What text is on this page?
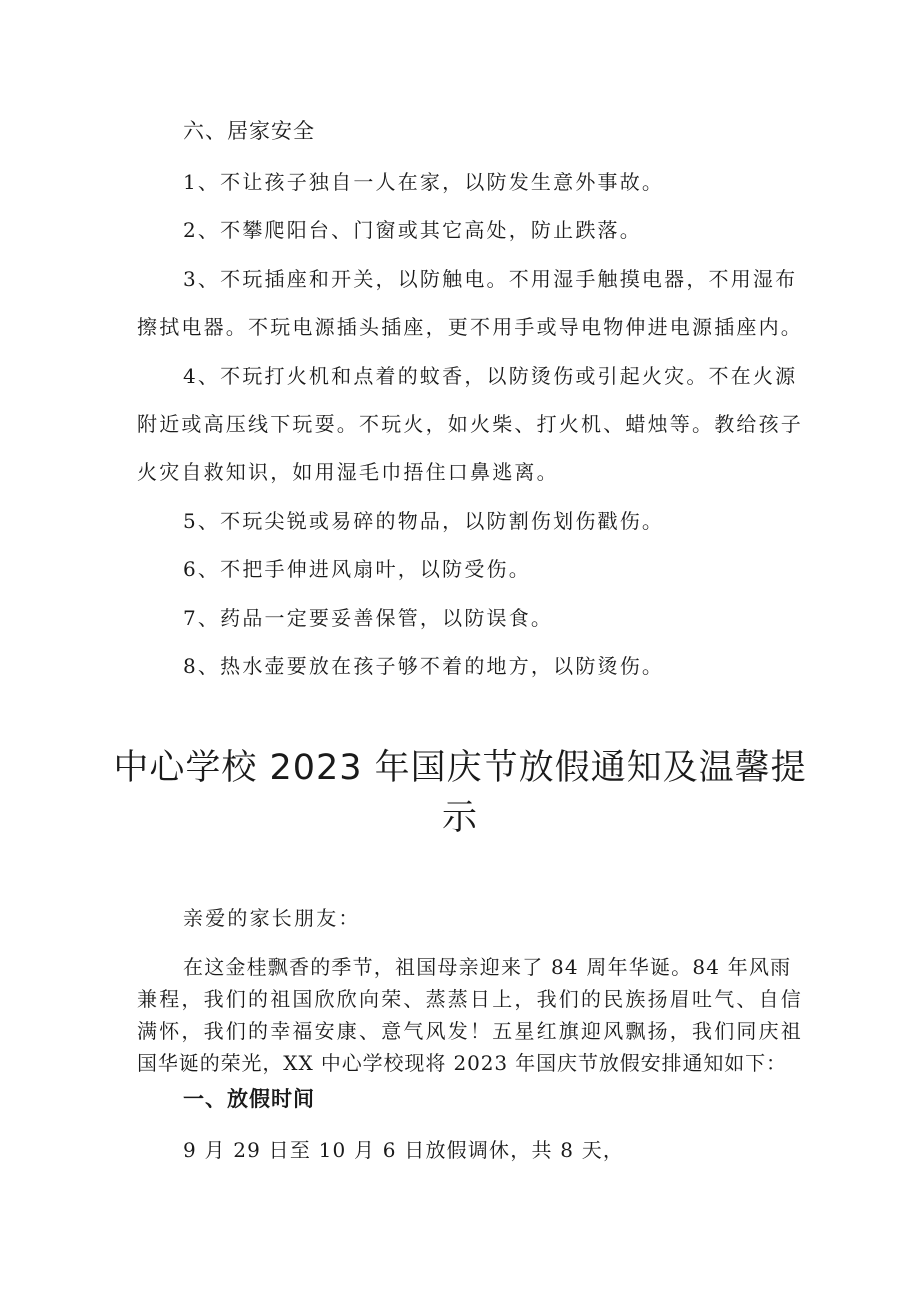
六、居家安全
1、不让孩子独自一人在家，以防发生意外事故。
2、不攀爬阳台、门窗或其它高处，防止跌落。
3、不玩插座和开关，以防触电。不用湿手触摸电器，不用湿布
擦拭电器。不玩电源插头插座，更不用手或导电物伸进电源插座内。
4、不玩打火机和点着的蚊香，以防烫伤或引起火灾。不在火源
附近或高压线下玩耍。不玩火，如火柴、打火机、蜡烛等。教给孩子
火灾自救知识，如用湿毛巾捂住口鼻逃离。
5、不玩尖锐或易碎的物品，以防割伤划伤戳伤。
6、不把手伸进风扇叶，以防受伤。
7、药品一定要妥善保管，以防误食。
8、热水壶要放在孩子够不着的地方，以防烫伤。
中心学校 2023 年国庆节放假通知及温馨提
示
亲爱的家长朋友：
在这金桂飘香的季节，祖国母亲迎来了 84 周年华诞。84 年风雨
兼程，我们的祖国欣欣向荣、蒸蒸日上，我们的民族扬眉吐气、自信
满怀，我们的幸福安康、意气风发！五星红旗迎风飘扬，我们同庆祖
国华诞的荣光，XX 中心学校现将 2023 年国庆节放假安排通知如下：
一、放假时间
9 月 29 日至 10 月 6 日放假调休，共 8 天，
